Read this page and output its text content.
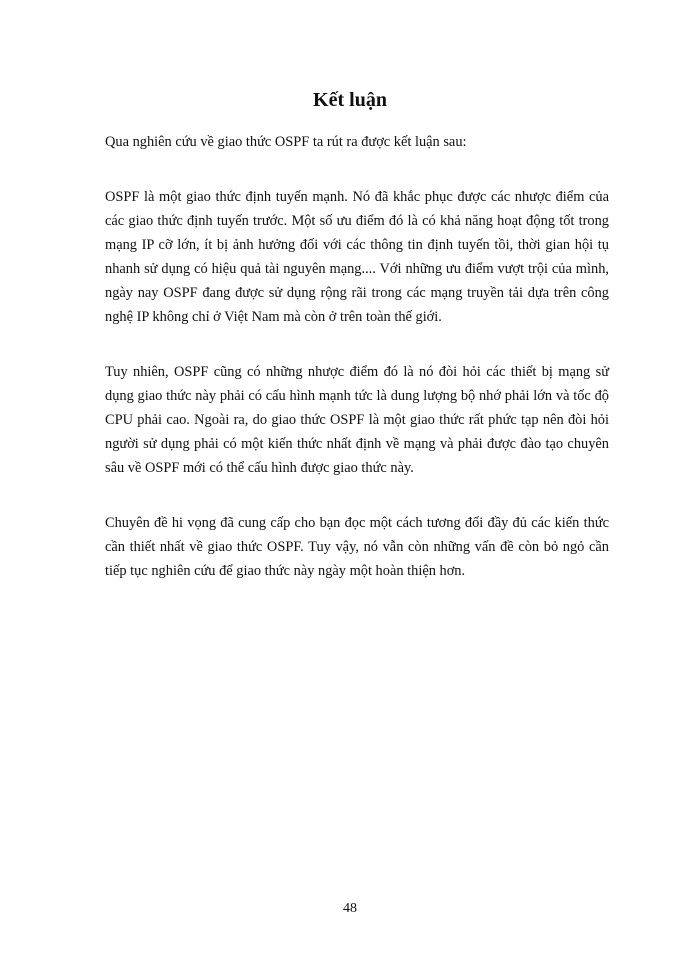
Kết luận

Qua nghiên cứu về giao thức OSPF ta rút ra được kết luận sau:

OSPF là một giao thức định tuyến mạnh. Nó đã khắc phục được các nhược điểm của các giao thức định tuyến trước. Một số ưu điểm đó là có khả năng hoạt động tốt trong mạng IP cỡ lớn, ít bị ảnh hưởng đối với các thông tin định tuyến tồi, thời gian hội tụ nhanh sử dụng có hiệu quả tài nguyên mạng.... Với những ưu điểm vượt trội của mình, ngày nay OSPF đang được sử dụng rộng rãi trong các mạng truyền tải dựa trên công nghệ IP không chỉ ở Việt Nam mà còn ở trên toàn thế giới.

Tuy nhiên, OSPF cũng có những nhược điểm đó là nó đòi hỏi các thiết bị mạng sử dụng giao thức này phải có cấu hình mạnh tức là dung lượng bộ nhớ phải lớn và tốc độ CPU phải cao. Ngoài ra, do giao thức OSPF là một giao thức rất phức tạp nên đòi hỏi người sử dụng phải có một kiến thức nhất định về mạng và phải được đào tạo chuyên sâu về OSPF mới có thể cấu hình được giao thức này.

Chuyên đề hi vọng đã cung cấp cho bạn đọc một cách tương đối đầy đủ các kiến thức cần thiết nhất về giao thức OSPF. Tuy vậy, nó vẫn còn những vấn đề còn bỏ ngỏ cần tiếp tục nghiên cứu để giao thức này ngày một hoàn thiện hơn.

48
